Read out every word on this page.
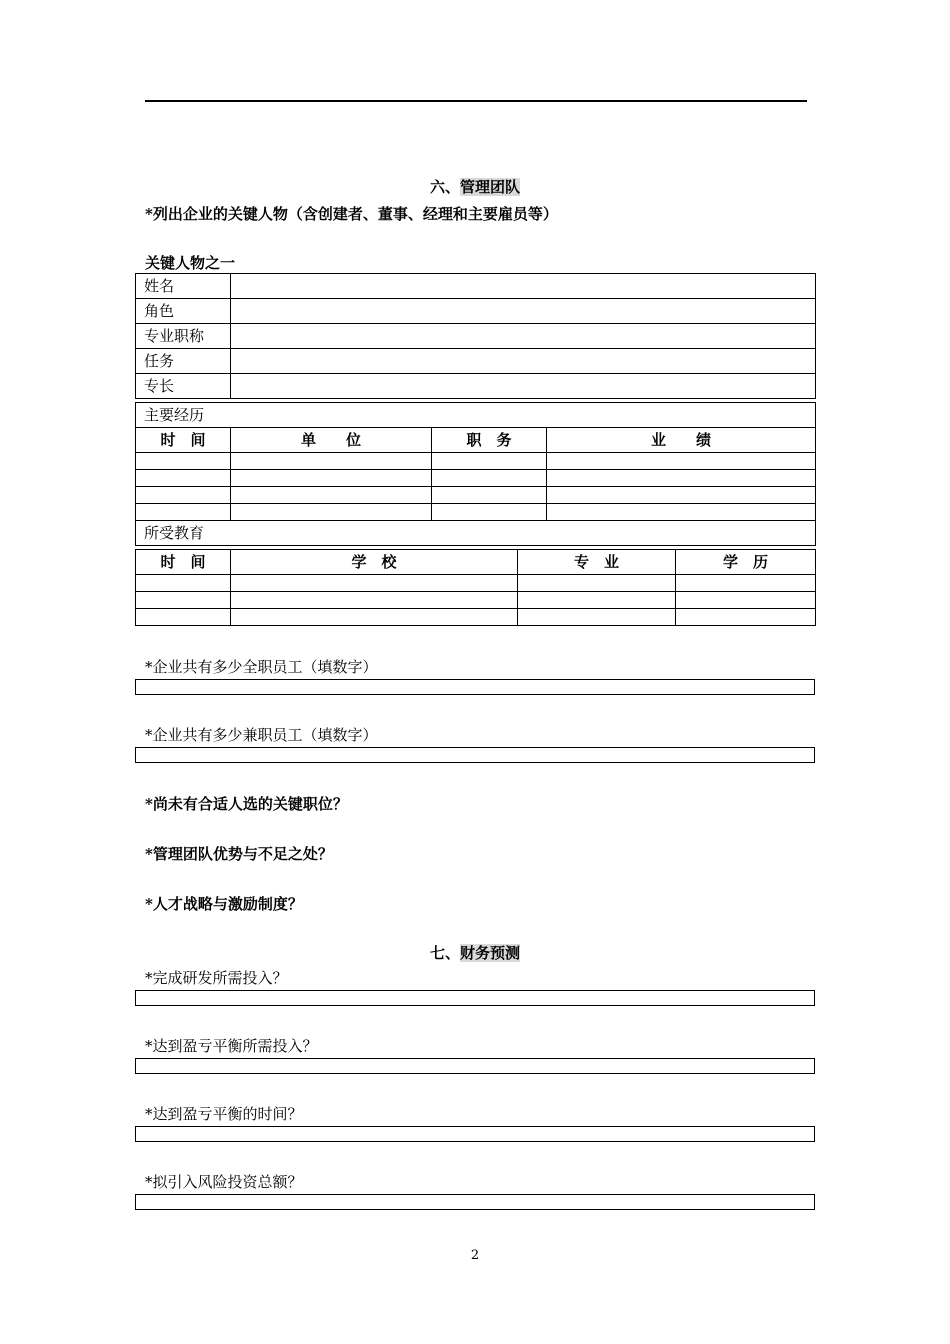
六、管理团队
*列出企业的关键人物（含创建者、董事、经理和主要雇员等）
关键人物之一
姓名	
角色	
专业职称	
任务	
专长	
主要经历			
时　间	单　　位	职　务	业　　绩

所受教育			
时　间	学　校	专　业	学　历

*企业共有多少全职员工（填数字）
*企业共有多少兼职员工（填数字）
*尚未有合适人选的关键职位？
*管理团队优势与不足之处？
*人才战略与激励制度？
七、财务预测
*完成研发所需投入？
*达到盈亏平衡所需投入？
*达到盈亏平衡的时间？
*拟引入风险投资总额？
2
